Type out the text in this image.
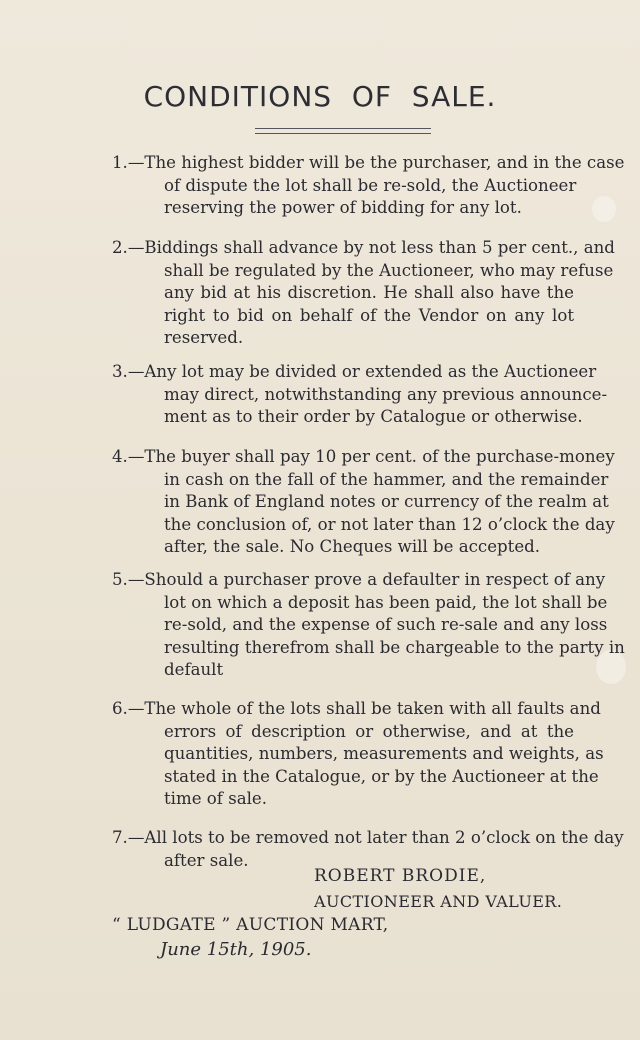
CONDITIONS  OF  SALE.
1.—The highest bidder will be the purchaser, and in the case
of dispute the lot shall be re-sold, the Auctioneer
reserving the power of bidding for any lot.
2.—Biddings shall advance by not less than 5 per cent., and
shall be regulated by the Auctioneer, who may refuse
any bid at his discretion. He shall also have the
right to bid on behalf of the Vendor on any lot
reserved.
3.—Any lot may be divided or extended as the Auctioneer
may direct, notwithstanding any previous announce-
ment as to their order by Catalogue or otherwise.
4.—The buyer shall pay 10 per cent. of the purchase-money
in cash on the fall of the hammer, and the remainder
in Bank of England notes or currency of the realm at
the conclusion of, or not later than 12 o’clock the day
after, the sale. No Cheques will be accepted.
5.—Should a purchaser prove a defaulter in respect of any
lot on which a deposit has been paid, the lot shall be
re-sold, and the expense of such re-sale and any loss
resulting therefrom shall be chargeable to the party in
default
6.—The whole of the lots shall be taken with all faults and
errors of description or otherwise, and at the
quantities, numbers, measurements and weights, as
stated in the Catalogue, or by the Auctioneer at the
time of sale.
7.—All lots to be removed not later than 2 o’clock on the day
after sale.
ROBERT BRODIE,
AUCTIONEER AND VALUER.
“ LUDGATE ” AUCTION MART,
June 15th, 1905.
